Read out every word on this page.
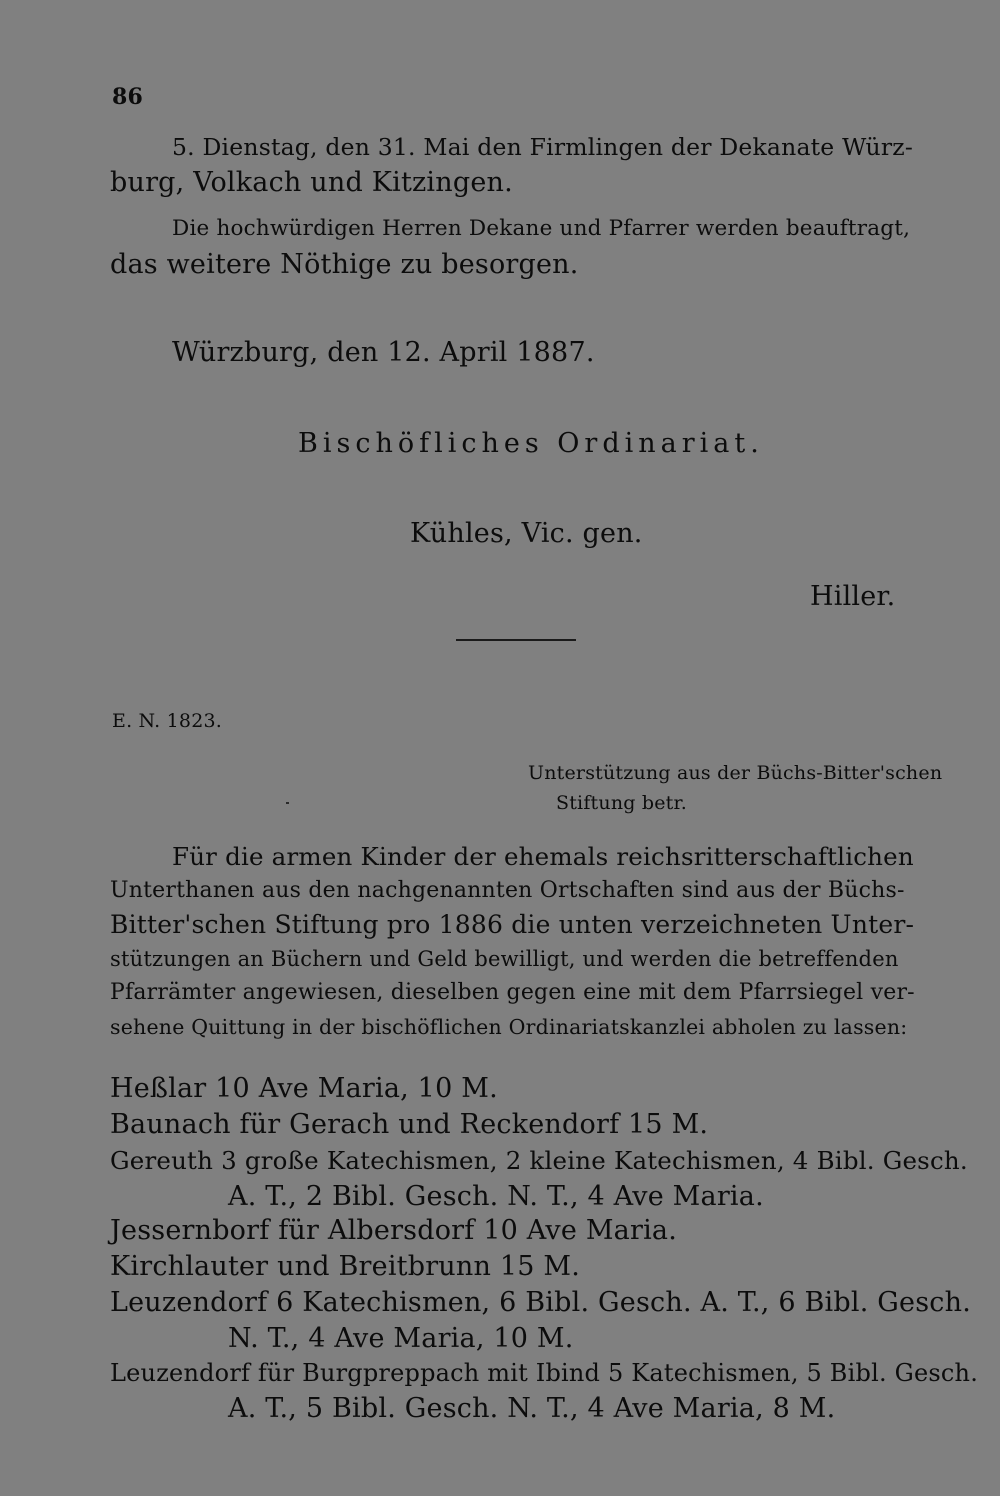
86
5. Dienstag, den 31. Mai den Firmlingen der Dekanate Würz-
burg, Volkach und Kitzingen.
Die hochwürdigen Herren Dekane und Pfarrer werden beauftragt,
das weitere Nöthige zu besorgen.
Würzburg, den 12. April 1887.
Bischöfliches Ordinariat.
Kühles, Vic. gen.
Hiller.
E. N. 1823.
Unterstützung aus der Büchs-Bitter'schen
Stiftung betr.
Für die armen Kinder der ehemals reichsritterschaftlichen
Unterthanen aus den nachgenannten Ortschaften sind aus der Büchs-
Bitter'schen Stiftung pro 1886 die unten verzeichneten Unter-
stützungen an Büchern und Geld bewilligt, und werden die betreffenden
Pfarrämter angewiesen, dieselben gegen eine mit dem Pfarrsiegel ver-
sehene Quittung in der bischöflichen Ordinariatskanzlei abholen zu lassen:
Heßlar 10 Ave Maria, 10 M.
Baunach für Gerach und Reckendorf 15 M.
Gereuth 3 große Katechismen, 2 kleine Katechismen, 4 Bibl. Gesch.
A. T., 2 Bibl. Gesch. N. T., 4 Ave Maria.
Jessernborf für Albersdorf 10 Ave Maria.
Kirchlauter und Breitbrunn 15 M.
Leuzendorf 6 Katechismen, 6 Bibl. Gesch. A. T., 6 Bibl. Gesch.
N. T., 4 Ave Maria, 10 M.
Leuzendorf für Burgpreppach mit Ibind 5 Katechismen, 5 Bibl. Gesch.
A. T., 5 Bibl. Gesch. N. T., 4 Ave Maria, 8 M.
